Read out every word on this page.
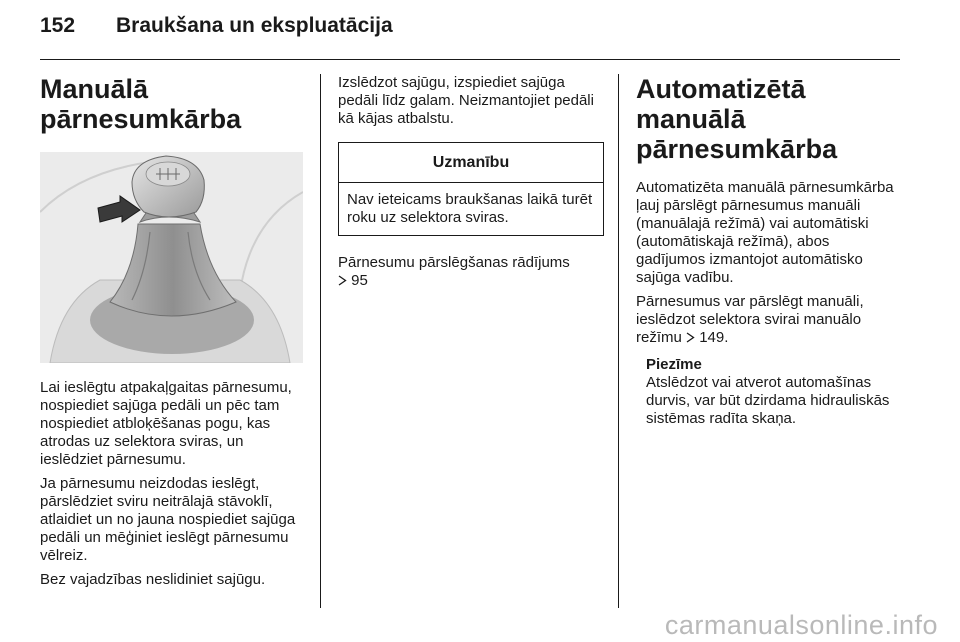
152 Braukšana un ekspluatācija
Manuālā pārnesumkārba

Lai ieslēgtu atpakaļgaitas pārnesumu, nospiediet sajūga pedāli un pēc tam nospiediet atbloķēšanas pogu, kas atrodas uz selektora sviras, un ieslēdziet pārnesumu.

Ja pārnesumu neizdodas ieslēgt, pārslēdziet sviru neitrālajā stāvoklī, atlaidiet un no jauna nospiediet sajūga pedāli un mēģiniet ieslēgt pārnesumu vēlreiz.

Bez vajadzības neslidiniet sajūgu.

Izslēdzot sajūgu, izspiediet sajūga pedāli līdz galam. Neizmantojiet pedāli kā kājas atbalstu.

Uzmanību
Nav ieteicams braukšanas laikā turēt roku uz selektora sviras.

Pārnesumu pārslēgšanas rādījums
95

Automatizētā manuālā pārnesumkārba

Automatizēta manuālā pārnesumkārba ļauj pārslēgt pārnesumus manuāli (manuālajā režīmā) vai automātiski (automātiskajā režīmā), abos gadījumos izmantojot automātisko sajūga vadību.

Pārnesumus var pārslēgt manuāli, ieslēdzot selektora svirai manuālo režīmu 149.

Piezīme
Atslēdzot vai atverot automašīnas durvis, var būt dzirdama hidrauliskās sistēmas radīta skaņa.
carmanualsonline.info
